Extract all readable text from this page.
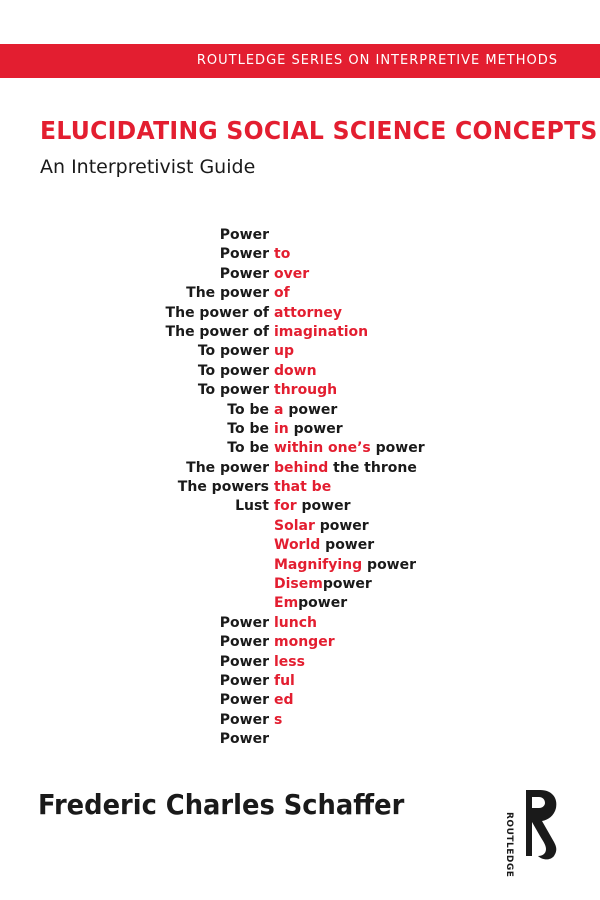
ROUTLEDGE SERIES ON INTERPRETIVE METHODS
ELUCIDATING SOCIAL SCIENCE CONCEPTS
An Interpretivist Guide
Power
Power to
Power over
The power of
The power of attorney
The power of imagination
To power up
To power down
To power through
To be a power
To be in power
To be within one’s power
The power behind the throne
The powers that be
Lust for power
Solar power
World power
Magnifying power
Disempower
Empower
Power lunch
Power monger
Power less
Power ful
Power ed
Power s
Power
Frederic Charles Schaffer
ROUTLEDGE
